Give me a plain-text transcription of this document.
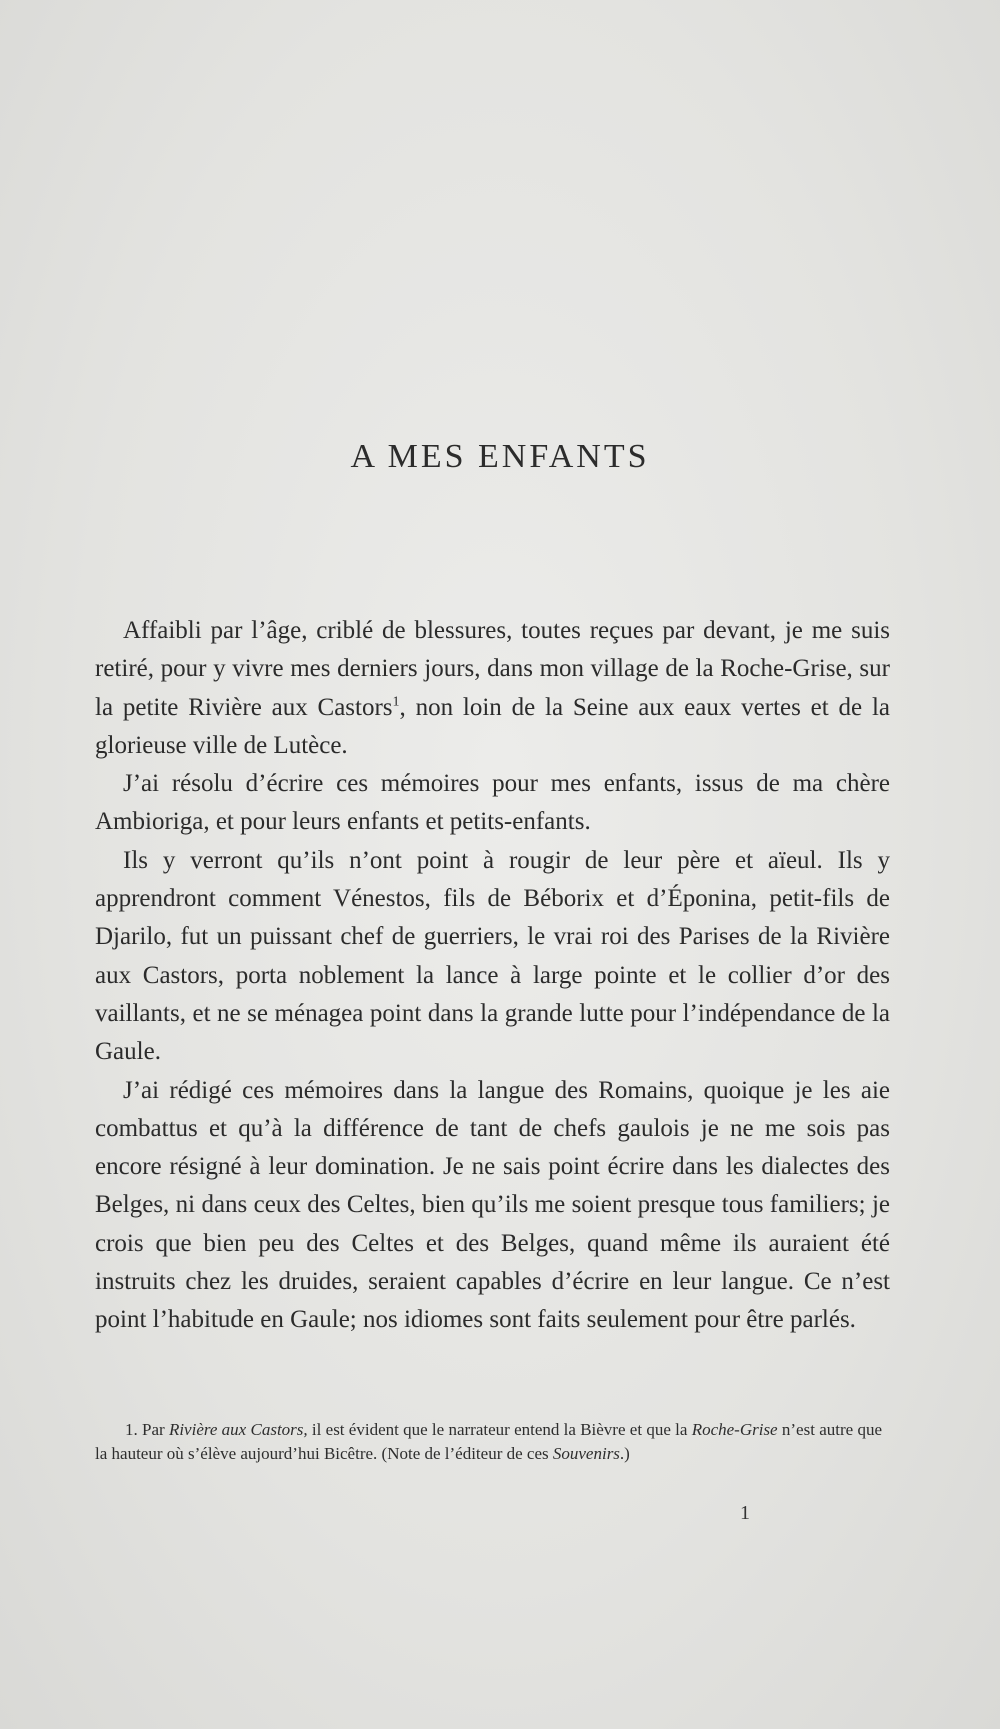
A MES ENFANTS

Affaibli par l’âge, criblé de blessures, toutes reçues par devant, je me suis retiré, pour y vivre mes derniers jours, dans mon village de la Roche-Grise, sur la petite Rivière aux Castors$^1$, non loin de la Seine aux eaux vertes et de la glorieuse ville de Lutèce.

J’ai résolu d’écrire ces mémoires pour mes enfants, issus de ma chère Ambioriga, et pour leurs enfants et petits-enfants.

Ils y verront qu’ils n’ont point à rougir de leur père et aïeul. Ils y apprendront comment Vénestos, fils de Béborix et d’Éponina, petit-fils de Djarilo, fut un puissant chef de guerriers, le vrai roi des Parises de la Rivière aux Castors, porta noblement la lance à large pointe et le collier d’or des vaillants, et ne se ménagea point dans la grande lutte pour l’indépendance de la Gaule.

J’ai rédigé ces mémoires dans la langue des Romains, quoique je les aie combattus et qu’à la différence de tant de chefs gaulois je ne me sois pas encore résigné à leur domination. Je ne sais point écrire dans les dialectes des Belges, ni dans ceux des Celtes, bien qu’ils me soient presque tous familiers; je crois que bien peu des Celtes et des Belges, quand même ils auraient été instruits chez les druides, seraient capables d’écrire en leur langue. Ce n’est point l’habitude en Gaule; nos idiomes sont faits seulement pour être parlés.

1. Par Rivière aux Castors, il est évident que le narrateur entend la Bièvre et que la Roche-Grise n’est autre que la hauteur où s’élève aujourd’hui Bicêtre. (Note de l’éditeur de ces Souvenirs.)

1
